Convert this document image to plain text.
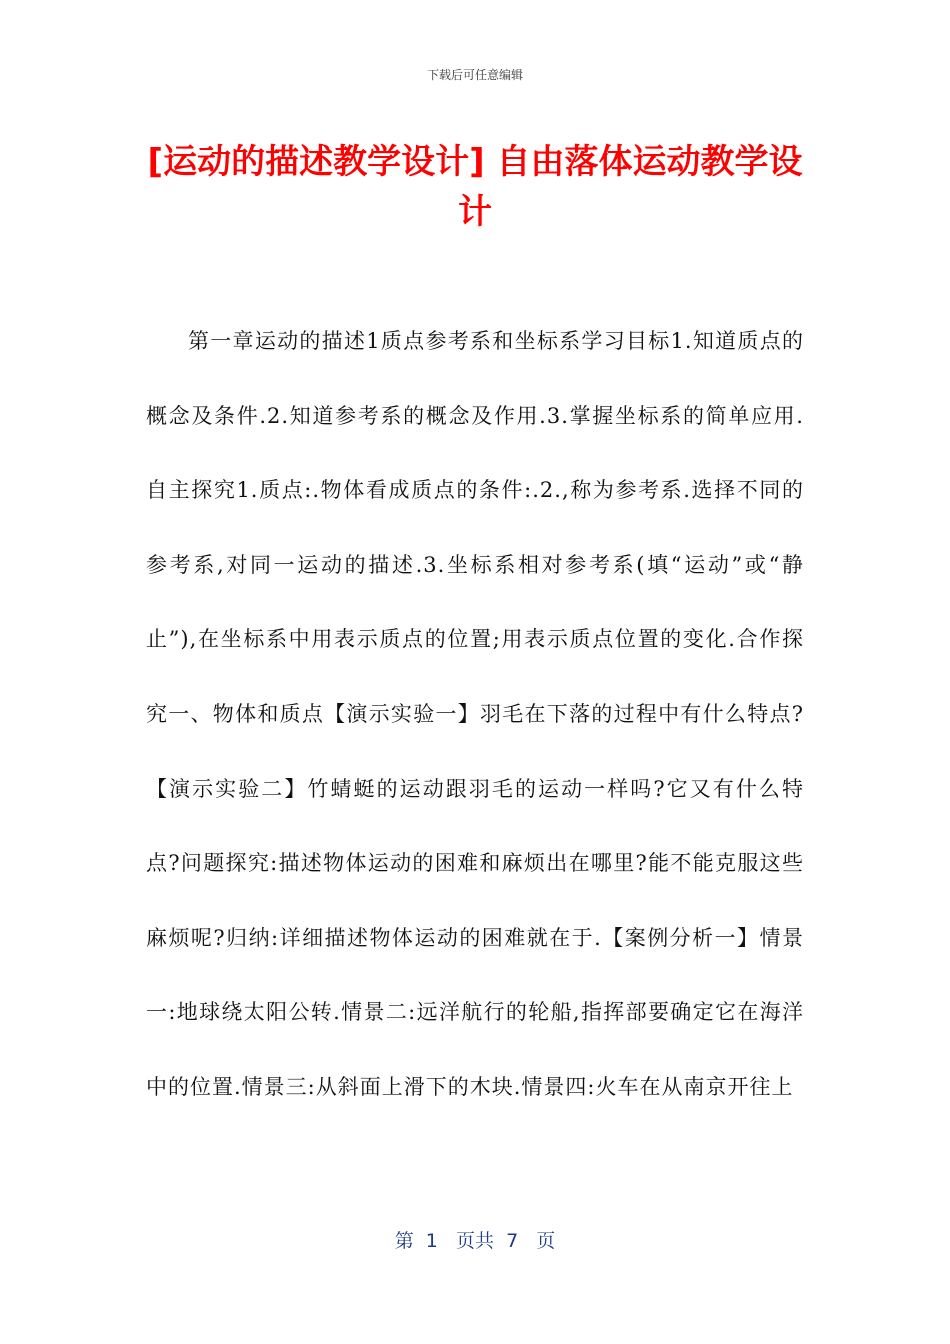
下载后可任意编辑
[运动的描述教学设计] 自由落体运动教学设计

第一章运动的描述1质点参考系和坐标系学习目标1.知道质点的概念及条件.2.知道参考系的概念及作用.3.掌握坐标系的简单应用.自主探究1.质点:.物体看成质点的条件:.2.,称为参考系.选择不同的参考系,对同一运动的描述.3.坐标系相对参考系(填“运动”或“静止”),在坐标系中用表示质点的位置;用表示质点位置的变化.合作探究一、物体和质点【演示实验一】羽毛在下落的过程中有什么特点?【演示实验二】竹蜻蜓的运动跟羽毛的运动一样吗?它又有什么特点?问题探究:描述物体运动的困难和麻烦出在哪里?能不能克服这些麻烦呢?归纳:详细描述物体运动的困难就在于.【案例分析一】情景一:地球绕太阳公转.情景二:远洋航行的轮船,指挥部要确定它在海洋中的位置.情景三:从斜面上滑下的木块.情景四:火车在从南京开往上

第  1   页共  7   页
